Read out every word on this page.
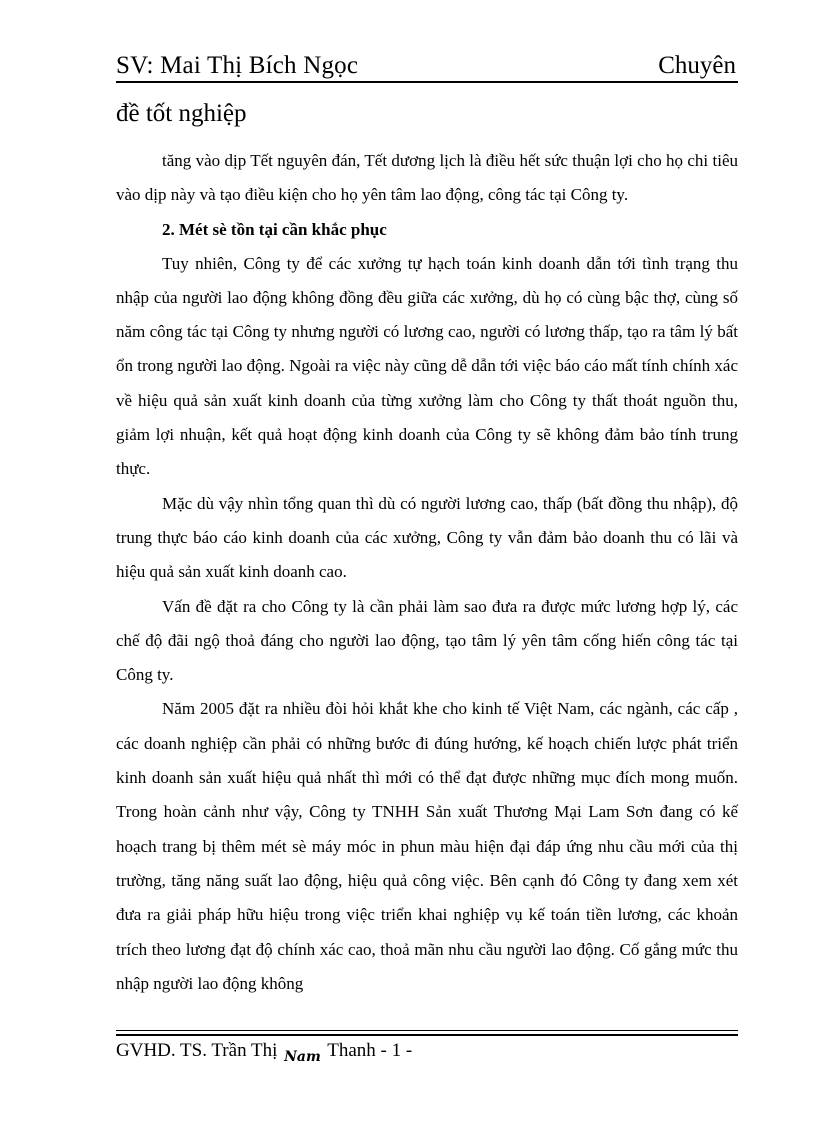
SV: Mai Thị Bích Ngọc	Chuyên
đề tốt nghiệp

tăng vào dịp Tết nguyên đán, Tết dương lịch là điều hết sức thuận lợi cho họ chi tiêu vào dịp này và tạo điều kiện cho họ yên tâm lao động, công tác tại Công ty.

2. Mét sè tồn tại cần khắc phục

Tuy nhiên, Công ty để các xưởng tự hạch toán kinh doanh dẫn tới tình trạng thu nhập của người lao động không đồng đều giữa các xưởng, dù họ có cùng bậc thợ, cùng số năm công tác tại Công ty nhưng người có lương cao, người có lương thấp, tạo ra tâm lý bất ổn trong người lao động. Ngoài ra việc này cũng dễ dẫn tới việc báo cáo mất tính chính xác về hiệu quả sản xuất kinh doanh của từng xưởng làm cho Công ty thất thoát nguồn thu, giảm lợi nhuận, kết quả hoạt động kinh doanh của Công ty sẽ không đảm bảo tính trung thực.

Mặc dù vậy nhìn tổng quan thì dù có người lương cao, thấp (bất đồng thu nhập), độ trung thực báo cáo kinh doanh của các xưởng, Công ty vẫn đảm bảo doanh thu có lãi và hiệu quả sản xuất kinh doanh cao.

Vấn đề đặt ra cho Công ty là cần phải làm sao đưa ra được mức lương hợp lý, các chế độ đãi ngộ thoả đáng cho người lao động, tạo tâm lý yên tâm cống hiến công tác tại Công ty.

Năm 2005 đặt ra nhiều đòi hỏi khắt khe cho kinh tế Việt Nam, các ngành, các cấp , các doanh nghiệp cần phải có những bước đi đúng hướng, kế hoạch chiến lược phát triển kinh doanh sản xuất hiệu quả nhất thì mới có thể đạt được những mục đích mong muốn. Trong hoàn cảnh như vậy, Công ty TNHH Sản xuất Thương Mại Lam Sơn đang có kế hoạch trang bị thêm mét sè máy móc in phun màu hiện đại đáp ứng nhu cầu mới của thị trường, tăng năng suất lao động, hiệu quả công việc. Bên cạnh đó Công ty đang xem xét đưa ra giải pháp hữu hiệu trong việc triển khai nghiệp vụ kế toán tiền lương, các khoản trích theo lương đạt độ chính xác cao, thoả mãn nhu cầu người lao động. Cố gắng mức thu nhập người lao động không

GVHD. TS. Trần Thị $_{Nam}$ Thanh - 1 -
